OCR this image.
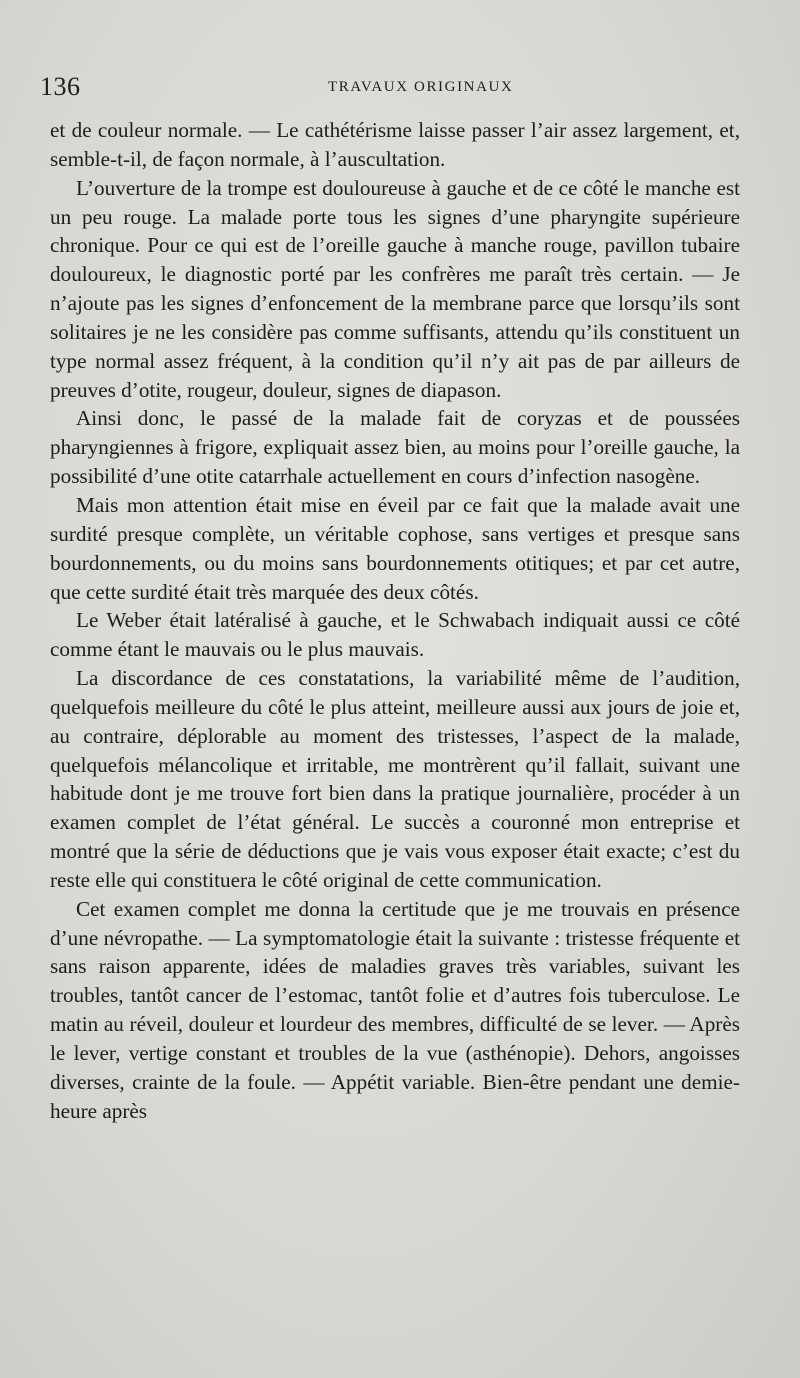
136	TRAVAUX ORIGINAUX

et de couleur normale. — Le cathétérisme laisse passer l’air assez largement, et, semble-t-il, de façon normale, à l’auscultation.

L’ouverture de la trompe est douloureuse à gauche et de ce côté le manche est un peu rouge. La malade porte tous les signes d’une pharyngite supérieure chronique. Pour ce qui est de l’oreille gauche à manche rouge, pavillon tubaire douloureux, le diagnostic porté par les confrères me paraît très certain. — Je n’ajoute pas les signes d’enfoncement de la membrane parce que lorsqu’ils sont solitaires je ne les considère pas comme suffisants, attendu qu’ils constituent un type normal assez fréquent, à la condition qu’il n’y ait pas de par ailleurs de preuves d’otite, rougeur, douleur, signes de diapason.

Ainsi donc, le passé de la malade fait de coryzas et de poussées pharyngiennes à frigore, expliquait assez bien, au moins pour l’oreille gauche, la possibilité d’une otite catarrhale actuellement en cours d’infection nasogène.

Mais mon attention était mise en éveil par ce fait que la malade avait une surdité presque complète, un véritable cophose, sans vertiges et presque sans bourdonnements, ou du moins sans bourdonnements otitiques; et par cet autre, que cette surdité était très marquée des deux côtés.

Le Weber était latéralisé à gauche, et le Schwabach indiquait aussi ce côté comme étant le mauvais ou le plus mauvais.

La discordance de ces constatations, la variabilité même de l’audition, quelquefois meilleure du côté le plus atteint, meilleure aussi aux jours de joie et, au contraire, déplorable au moment des tristesses, l’aspect de la malade, quelquefois mélancolique et irritable, me montrèrent qu’il fallait, suivant une habitude dont je me trouve fort bien dans la pratique journalière, procéder à un examen complet de l’état général. Le succès a couronné mon entreprise et montré que la série de déductions que je vais vous exposer était exacte; c’est du reste elle qui constituera le côté original de cette communication.

Cet examen complet me donna la certitude que je me trouvais en présence d’une névropathe. — La symptomatologie était la suivante : tristesse fréquente et sans raison apparente, idées de maladies graves très variables, suivant les troubles, tantôt cancer de l’estomac, tantôt folie et d’autres fois tuberculose. Le matin au réveil, douleur et lourdeur des membres, difficulté de se lever. — Après le lever, vertige constant et troubles de la vue (asthénopie). Dehors, angoisses diverses, crainte de la foule. — Appétit variable. Bien-être pendant une demie-heure après
